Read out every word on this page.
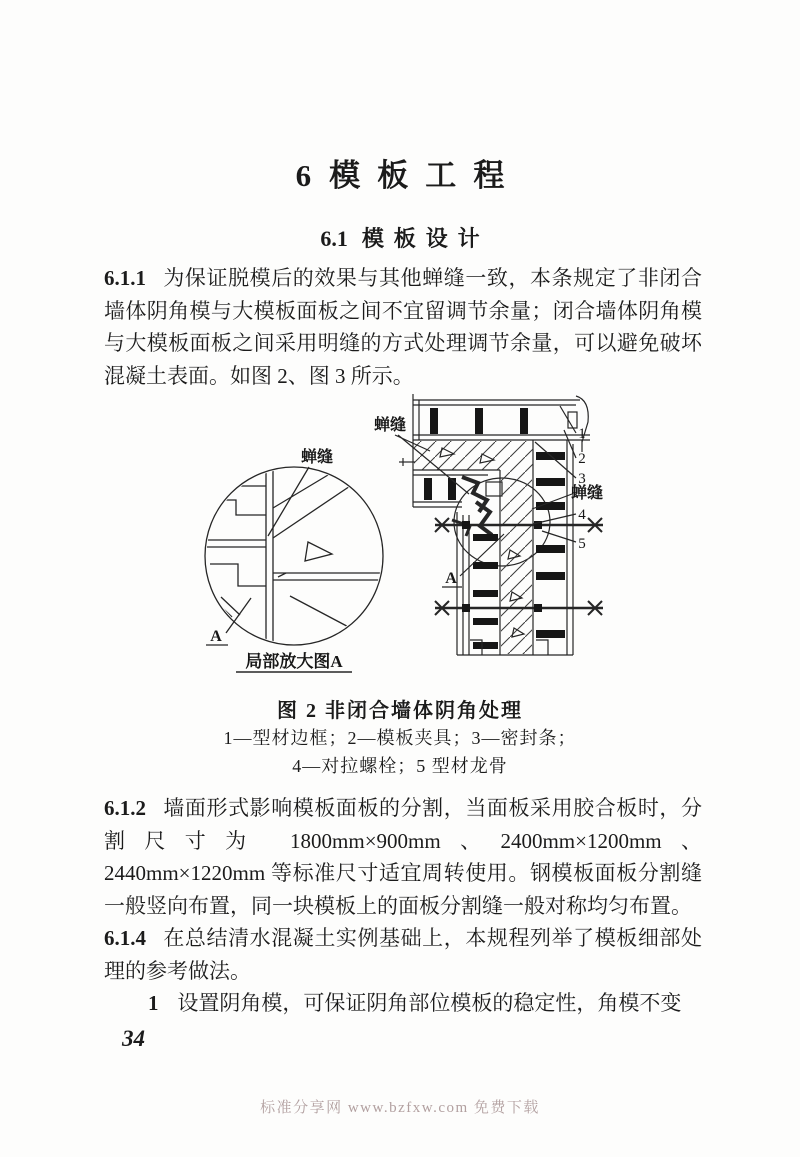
6 模板工程
6.1 模板设计

6.1.1 为保证脱模后的效果与其他蝉缝一致，本条规定了非闭合墙体阴角模与大模板面板之间不宜留调节余量；闭合墙体阴角模与大模板面板之间采用明缝的方式处理调节余量，可以避免破坏混凝土表面。如图 2、图 3 所示。

蝉缝
A
局部放大图A
蝉缝
蝉缝
A
1
2
3
4
5
图 2 非闭合墙体阴角处理
1—型材边框；2—模板夹具；3—密封条；
4—对拉螺栓；5 型材龙骨

6.1.2 墙面形式影响模板面板的分割，当面板采用胶合板时，分割尺寸为 1800mm×900mm、2400mm×1200mm、2440mm×1220mm 等标准尺寸适宜周转使用。钢模板面板分割缝一般竖向布置，同一块模板上的面板分割缝一般对称均匀布置。

6.1.4 在总结清水混凝土实例基础上，本规程列举了模板细部处理的参考做法。

1 设置阴角模，可保证阴角部位模板的稳定性，角模不变

34
标准分享网 www.bzfxw.com 免费下载
